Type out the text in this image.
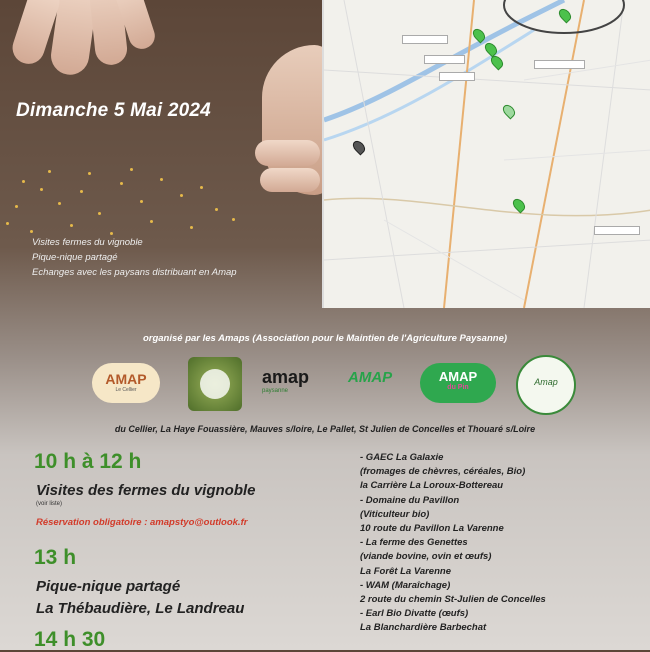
Dimanche 5 Mai 2024
Visites fermes du vignoble
Pique-nique partagé
Echanges avec les paysans distribuant en Amap
organisé par les Amaps (Association pour le Maintien de l'Agriculture Paysanne)
AMAP
Le Cellier
amap
paysanne
AMAP	AMAP
du Pin
Amap
du Cellier, La Haye Fouassière, Mauves s/loire, Le Pallet, St Julien de Concelles et Thouaré s/Loire
10 h à 12 h
Visites des fermes du vignoble
(voir liste)
Réservation obligatoire : amapstyo@outlook.fr
13 h
Pique-nique partagé
La Thébaudière, Le Landreau
14 h 30
- GAEC La Galaxie
(fromages de chèvres, céréales, Bio)
la Carrière La Loroux-Bottereau
- Domaine du Pavillon
(Viticulteur bio)
10 route du Pavillon La Varenne
- La ferme des Genettes
(viande bovine, ovin et œufs)
La Forêt La Varenne
- WAM (Maraîchage)
2 route du chemin St-Julien de Concelles
- Earl Bio Divatte (œufs)
La Blanchardière Barbechat
